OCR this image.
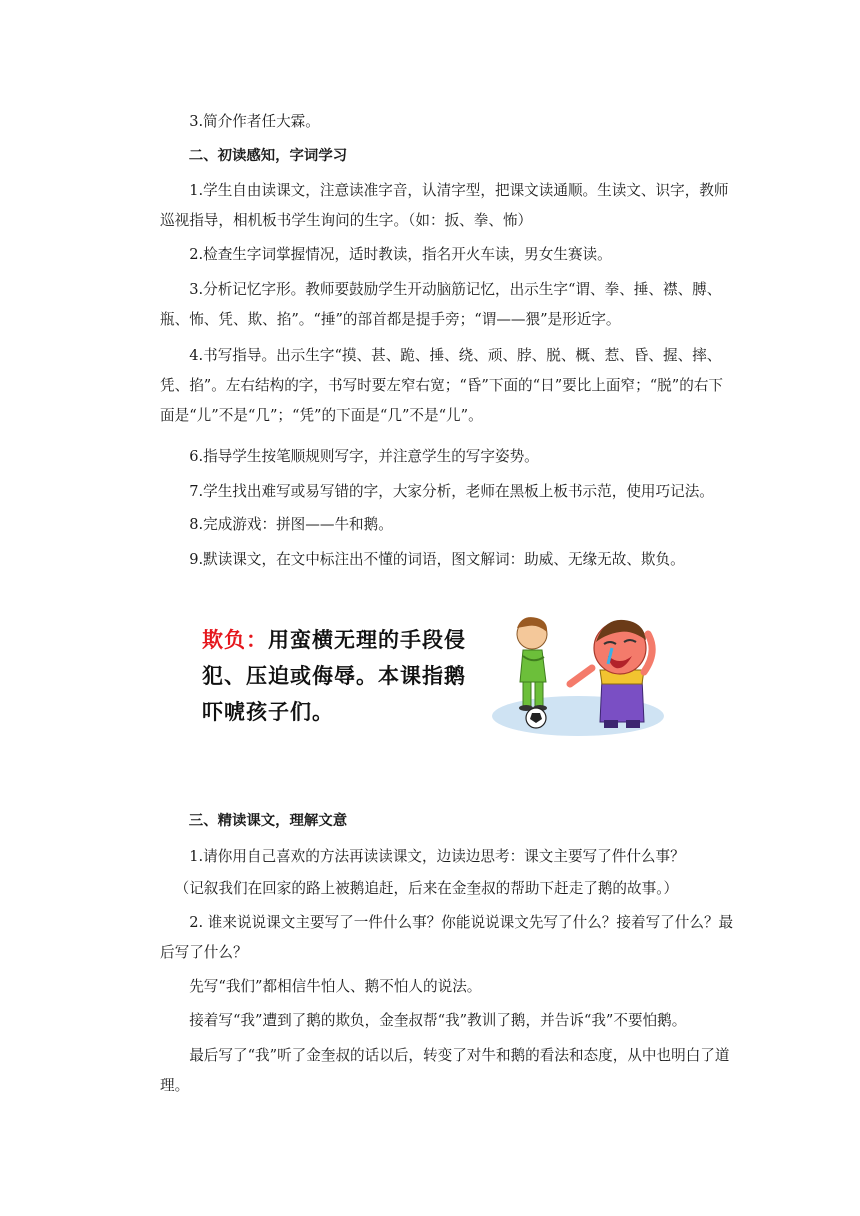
3.简介作者任大霖。

二、初读感知，字词学习

1.学生自由读课文，注意读准字音，认清字型，把课文读通顺。生读文、识字，教师巡视指导，相机板书学生询问的生字。（如：扳、拳、怖）

2.检查生字词掌握情况，适时教读，指名开火车读，男女生赛读。

3.分析记忆字形。教师要鼓励学生开动脑筋记忆，出示生字“谓、拳、捶、襟、膊、瓶、怖、凭、欺、掐”。“捶”的部首都是提手旁；“谓——猥”是形近字。

4.书写指导。出示生字“摸、甚、跪、捶、绕、顽、脖、脱、概、惹、昏、握、摔、凭、掐”。左右结构的字，书写时要左窄右宽；“昏”下面的“日”要比上面窄；“脱”的右下面是“儿”不是“几”；“凭”的下面是“几”不是“儿”。

6.指导学生按笔顺规则写字，并注意学生的写字姿势。

7.学生找出难写或易写错的字，大家分析，老师在黑板上板书示范，使用巧记法。

8.完成游戏：拼图——牛和鹅。

9.默读课文，在文中标注出不懂的词语，图文解词：助威、无缘无故、欺负。

欺负：用蛮横无理的手段侵犯、压迫或侮辱。本课指鹅吓唬孩子们。

三、精读课文，理解文意

1.请你用自己喜欢的方法再读读课文，边读边思考：课文主要写了件什么事？

（记叙我们在回家的路上被鹅追赶，后来在金奎叔的帮助下赶走了鹅的故事。）

2. 谁来说说课文主要写了一件什么事？你能说说课文先写了什么？接着写了什么？最后写了什么？

先写“我们”都相信牛怕人、鹅不怕人的说法。

接着写“我”遭到了鹅的欺负，金奎叔帮“我”教训了鹅，并告诉“我”不要怕鹅。

最后写了“我”听了金奎叔的话以后，转变了对牛和鹅的看法和态度，从中也明白了道理。
